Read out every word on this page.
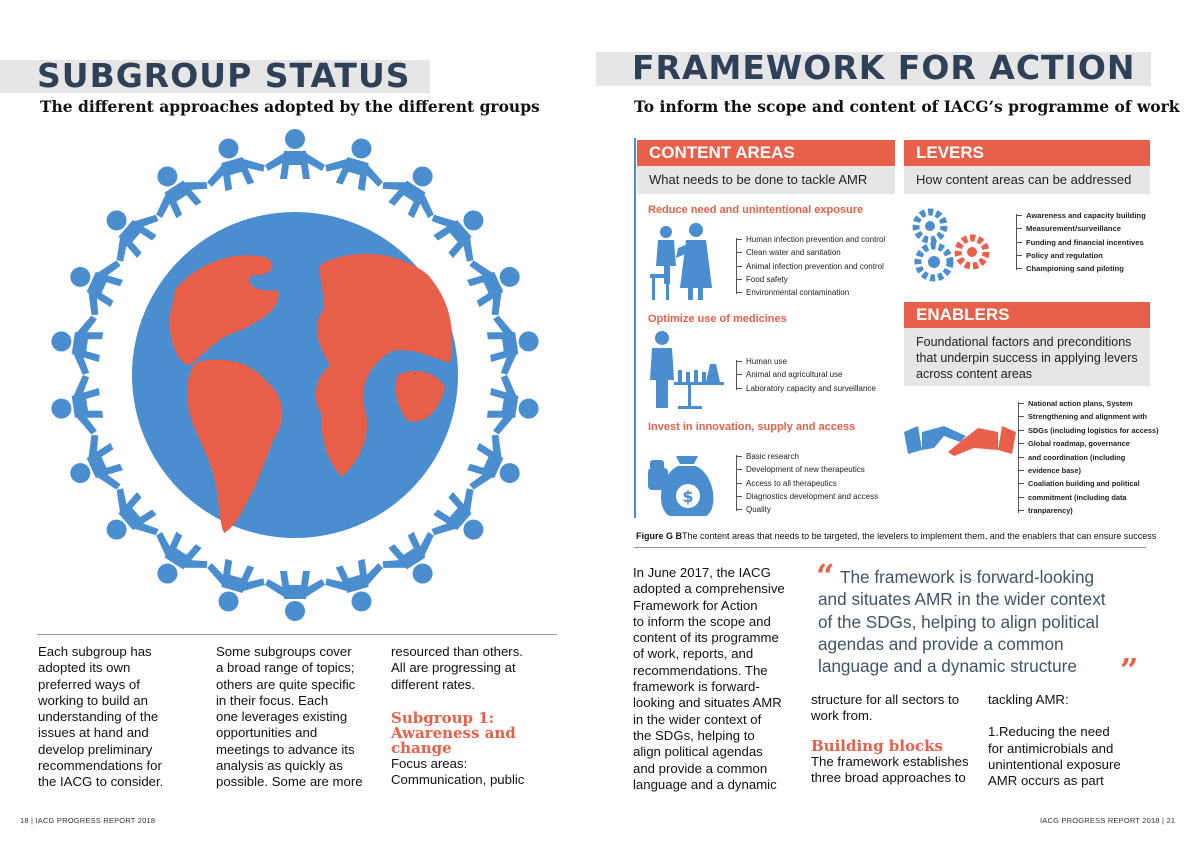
SUBGROUP STATUS
The different approaches adopted by the different groups

Each subgroup has

adopted its own

preferred ways of

working to build an

understanding of the

issues at hand and

develop preliminary

recommendations for

the IACG to consider.

Some subgroups cover

a broad range of topics;

others are quite specific

in their focus. Each

one leverages existing

opportunities and

meetings to advance its

analysis as quickly as

possible. Some are more

resourced than others.

All are progressing at

different rates.

Subgroup 1:

Awareness and

change

Focus areas:

Communication, public

18 | IACG PROGRESS REPORT 2018
FRAMEWORK FOR ACTION
To inform the scope and content of IACG’s programme of work
CONTENT AREAS
What needs to be done to tackle AMR
Reduce need and unintentional exposure
Human infection prevention and control
Clean water and sanitation
Animal infection prevention and control
Food safety
Environmental contamination
Optimize use of medicines
Human use
Animal and agricultural use
Laboratory capacity and surveillance
Invest in innovation, supply and access
$
Basic research
Development of new therapeutics
Access to all therapeutics
Diagnostics development and access
Quality
LEVERS
How content areas can be addressed
Awareness and capacity building
Measurement/surveillance
Funding and financial incentives
Policy and regulation
Championing sand piloting
ENABLERS
Foundational factors and preconditions
that underpin success in applying levers
across content areas
National action plans, System
Strengthening and alignment with
SDGs (including logistics for access)
Global roadmap, governance
and coordination (including
evidence base)
Coaliation building and political
commitment (including data
tranparency)
Figure G BThe content areas that needs to be targeted, the levelers to implement them, and the enablers that can ensure success
“ The framework is forward-looking
and situates AMR in the wider context
of the SDGs, helping to align political
agendas and provide a common
language and a dynamic structure	”

In June 2017, the IACG

adopted a comprehensive

Framework for Action

to inform the scope and

content of its programme

of work, reports, and

recommendations. The

framework is forward-

looking and situates AMR

in the wider context of

the SDGs, helping to

align political agendas

and provide a common

language and a dynamic

structure for all sectors to

work from.

Building blocks

The framework establishes

three broad approaches to

tackling AMR:

1.Reducing the need

for antimicrobials and

unintentional exposure

AMR occurs as part

IACG PROGRESS REPORT 2018 | 21
